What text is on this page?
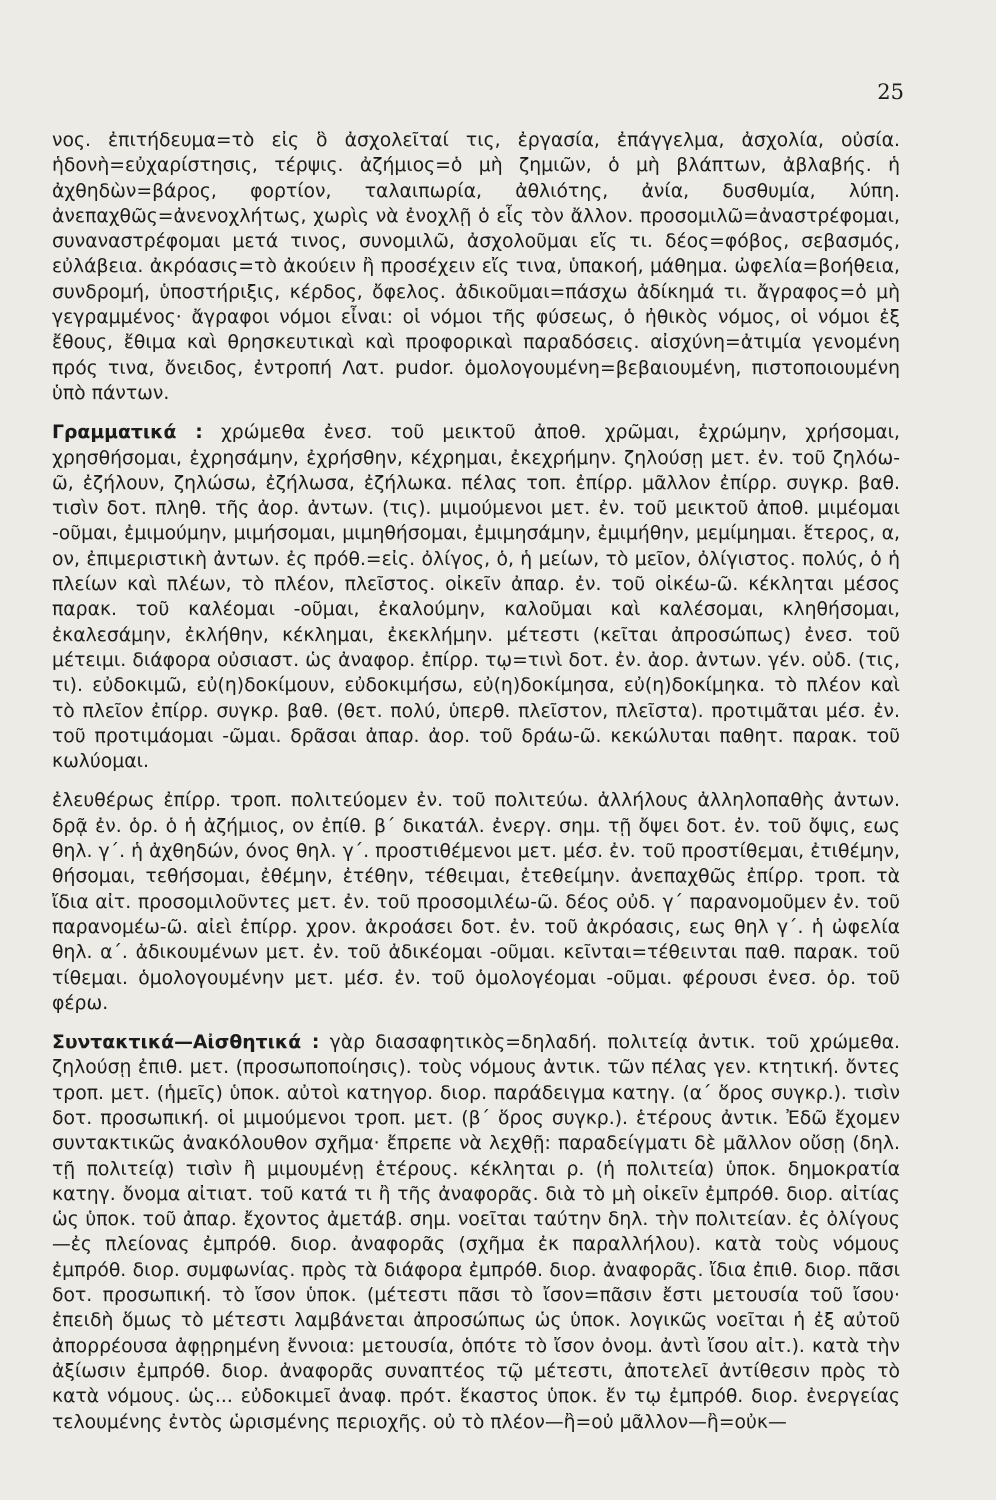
25

νος. ἐπιτήδευμα=τὸ εἰς ὃ ἀσχολεῖταί τις, ἐργασία, ἐπάγγελμα, ἀσχολία, οὐσία. ἡδονὴ=εὐχαρίστησις, τέρψις. ἀζήμιος=ὁ μὴ ζημιῶν, ὁ μὴ βλάπτων, ἀβλαβής. ἡ ἀχθηδὼν=βάρος, φορτίον, ταλαιπωρία, ἀθλιότης, ἀνία, δυσθυμία, λύπη. ἀνεπαχθῶς=ἀνενοχλήτως, χωρὶς νὰ ἐνοχλῇ ὁ εἷς τὸν ἄλλον. προσομιλῶ=ἀναστρέφομαι, συναναστρέφομαι μετά τινος, συνομιλῶ, ἀσχολοῦμαι εἴς τι. δέος=φόβος, σεβασμός, εὐλάβεια. ἀκρόασις=τὸ ἀκούειν ἢ προσέχειν εἴς τινα, ὑπακοή, μάθημα. ὠφελία=βοήθεια, συνδρομή, ὑποστήριξις, κέρδος, ὄφελος. ἀδικοῦμαι=πάσχω ἀδίκημά τι. ἄγραφος=ὁ μὴ γεγραμμένος· ἄγραφοι νόμοι εἶναι: οἱ νόμοι τῆς φύσεως, ὁ ἠθικὸς νόμος, οἱ νόμοι ἐξ ἔθους, ἔθιμα καὶ θρησκευτικαὶ καὶ προφορικαὶ παραδόσεις. αἰσχύνη=ἀτιμία γενομένη πρός τινα, ὄνειδος, ἐντροπή Λατ. pudor. ὁμολογουμένη=βεβαιουμένη, πιστοποιουμένη ὑπὸ πάντων.

Γραμματικά : χρώμεθα ἐνεσ. τοῦ μεικτοῦ ἀποθ. χρῶμαι, ἐχρώμην, χρήσομαι, χρησθήσομαι, ἐχρησάμην, ἐχρήσθην, κέχρημαι, ἐκεχρήμην. ζηλούσῃ μετ. ἐν. τοῦ ζηλόω-ῶ, ἐζήλουν, ζηλώσω, ἐζήλωσα, ἐζήλωκα. πέλας τοπ. ἐπίρρ. μᾶλλον ἐπίρρ. συγκρ. βαθ. τισὶν δοτ. πληθ. τῆς ἀορ. ἀντων. (τις). μιμούμενοι μετ. ἐν. τοῦ μεικτοῦ ἀποθ. μιμέομαι -οῦμαι, ἐμιμούμην, μιμήσομαι, μιμηθήσομαι, ἐμιμησάμην, ἐμιμήθην, μεμίμημαι. ἕτερος, α, ον, ἐπιμεριστικὴ ἀντων. ἐς πρόθ.=εἰς. ὀλίγος, ὁ, ἡ μείων, τὸ μεῖον, ὀλίγιστος. πολύς, ὁ ἡ πλείων καὶ πλέων, τὸ πλέον, πλεῖστος. οἰκεῖν ἀπαρ. ἐν. τοῦ οἰκέω-ῶ. κέκληται μέσος παρακ. τοῦ καλέομαι -οῦμαι, ἐκαλούμην, καλοῦμαι καὶ καλέσομαι, κληθήσομαι, ἐκαλεσάμην, ἐκλήθην, κέκλημαι, ἐκεκλήμην. μέτεστι (κεῖται ἀπροσώπως) ἐνεσ. τοῦ μέτειμι. διάφορα οὐσιαστ. ὡς ἀναφορ. ἐπίρρ. τῳ=τινὶ δοτ. ἐν. ἀορ. ἀντων. γέν. οὐδ. (τις, τι). εὐδοκιμῶ, εὐ(η)δοκίμουν, εὐδοκιμήσω, εὐ(η)δοκίμησα, εὐ(η)δοκίμηκα. τὸ πλέον καὶ τὸ πλεῖον ἐπίρρ. συγκρ. βαθ. (θετ. πολύ, ὑπερθ. πλεῖστον, πλεῖστα). προτιμᾶται μέσ. ἐν. τοῦ προτιμάομαι -ῶμαι. δρᾶσαι ἀπαρ. ἀορ. τοῦ δράω-ῶ. κεκώλυται παθητ. παρακ. τοῦ κωλύομαι.

ἐλευθέρως ἐπίρρ. τροπ. πολιτεύομεν ἐν. τοῦ πολιτεύω. ἀλλήλους ἀλληλοπαθὴς ἀντων. δρᾷ ἐν. ὁρ. ὁ ἡ ἀζήμιος, ον ἐπίθ. β΄ δικατάλ. ἐνεργ. σημ. τῇ ὄψει δοτ. ἐν. τοῦ ὄψις, εως θηλ. γ΄. ἡ ἀχθηδών, όνος θηλ. γ΄. προστιθέμενοι μετ. μέσ. ἐν. τοῦ προστίθεμαι, ἐτιθέμην, θήσομαι, τεθήσομαι, ἐθέμην, ἐτέθην, τέθειμαι, ἐτεθείμην. ἀνεπαχθῶς ἐπίρρ. τροπ. τὰ ἴδια αἰτ. προσομιλοῦντες μετ. ἐν. τοῦ προσομιλέω-ῶ. δέος οὐδ. γ΄ παρανομοῦμεν ἐν. τοῦ παρανομέω-ῶ. αἰεὶ ἐπίρρ. χρον. ἀκροάσει δοτ. ἐν. τοῦ ἀκρόασις, εως θηλ γ΄. ἡ ὠφελία θηλ. α΄. ἀδικουμένων μετ. ἐν. τοῦ ἀδικέομαι -οῦμαι. κεῖνται=τέθεινται παθ. παρακ. τοῦ τίθεμαι. ὁμολογουμένην μετ. μέσ. ἐν. τοῦ ὁμολογέομαι -οῦμαι. φέρουσι ἐνεσ. ὁρ. τοῦ φέρω.

Συντακτικά—Αἰσθητικά : γὰρ διασαφητικὸς=δηλαδή. πολιτείᾳ ἀντικ. τοῦ χρώμεθα. ζηλούσῃ ἐπιθ. μετ. (προσωποποίησις). τοὺς νόμους ἀντικ. τῶν πέλας γεν. κτητική. ὄντες τροπ. μετ. (ἡμεῖς) ὑποκ. αὐτοὶ κατηγορ. διορ. παράδειγμα κατηγ. (α΄ ὅρος συγκρ.). τισὶν δοτ. προσωπική. οἱ μιμούμενοι τροπ. μετ. (β΄ ὅρος συγκρ.). ἑτέρους ἀντικ. Ἐδῶ ἔχομεν συντακτικῶς ἀνακόλουθον σχῆμα· ἔπρεπε νὰ λεχθῇ: παραδείγματι δὲ μᾶλλον οὔσῃ (δηλ. τῇ πολιτείᾳ) τισὶν ἢ μιμουμένῃ ἑτέρους. κέκληται ρ. (ἡ πολιτεία) ὑποκ. δημοκρατία κατηγ. ὄνομα αἰτιατ. τοῦ κατά τι ἢ τῆς ἀναφορᾶς. διὰ τὸ μὴ οἰκεῖν ἐμπρόθ. διορ. αἰτίας ὡς ὑποκ. τοῦ ἀπαρ. ἔχοντος ἀμετάβ. σημ. νοεῖται ταύτην δηλ. τὴν πολιτείαν. ἐς ὀλίγους—ἐς πλείονας ἐμπρόθ. διορ. ἀναφορᾶς (σχῆμα ἐκ παραλλήλου). κατὰ τοὺς νόμους ἐμπρόθ. διορ. συμφωνίας. πρὸς τὰ διάφορα ἐμπρόθ. διορ. ἀναφορᾶς. ἴδια ἐπιθ. διορ. πᾶσι δοτ. προσωπική. τὸ ἴσον ὑποκ. (μέτεστι πᾶσι τὸ ἴσον=πᾶσιν ἔστι μετουσία τοῦ ἴσου· ἐπειδὴ ὅμως τὸ μέτεστι λαμβάνεται ἀπροσώπως ὡς ὑποκ. λογικῶς νοεῖται ἡ ἐξ αὐτοῦ ἀπορρέουσα ἀφῃρημένη ἔννοια: μετουσία, ὁπότε τὸ ἴσον ὀνομ. ἀντὶ ἴσου αἰτ.). κατὰ τὴν ἀξίωσιν ἐμπρόθ. διορ. ἀναφορᾶς συναπτέος τῷ μέτεστι, ἀποτελεῖ ἀντίθεσιν πρὸς τὸ κατὰ νόμους. ὡς... εὐδοκιμεῖ ἀναφ. πρότ. ἕκαστος ὑποκ. ἔν τῳ ἐμπρόθ. διορ. ἐνεργείας τελουμένης ἐντὸς ὡρισμένης περιοχῆς. οὐ τὸ πλέον—ἢ=οὐ μᾶλλον—ἢ=οὐκ—
